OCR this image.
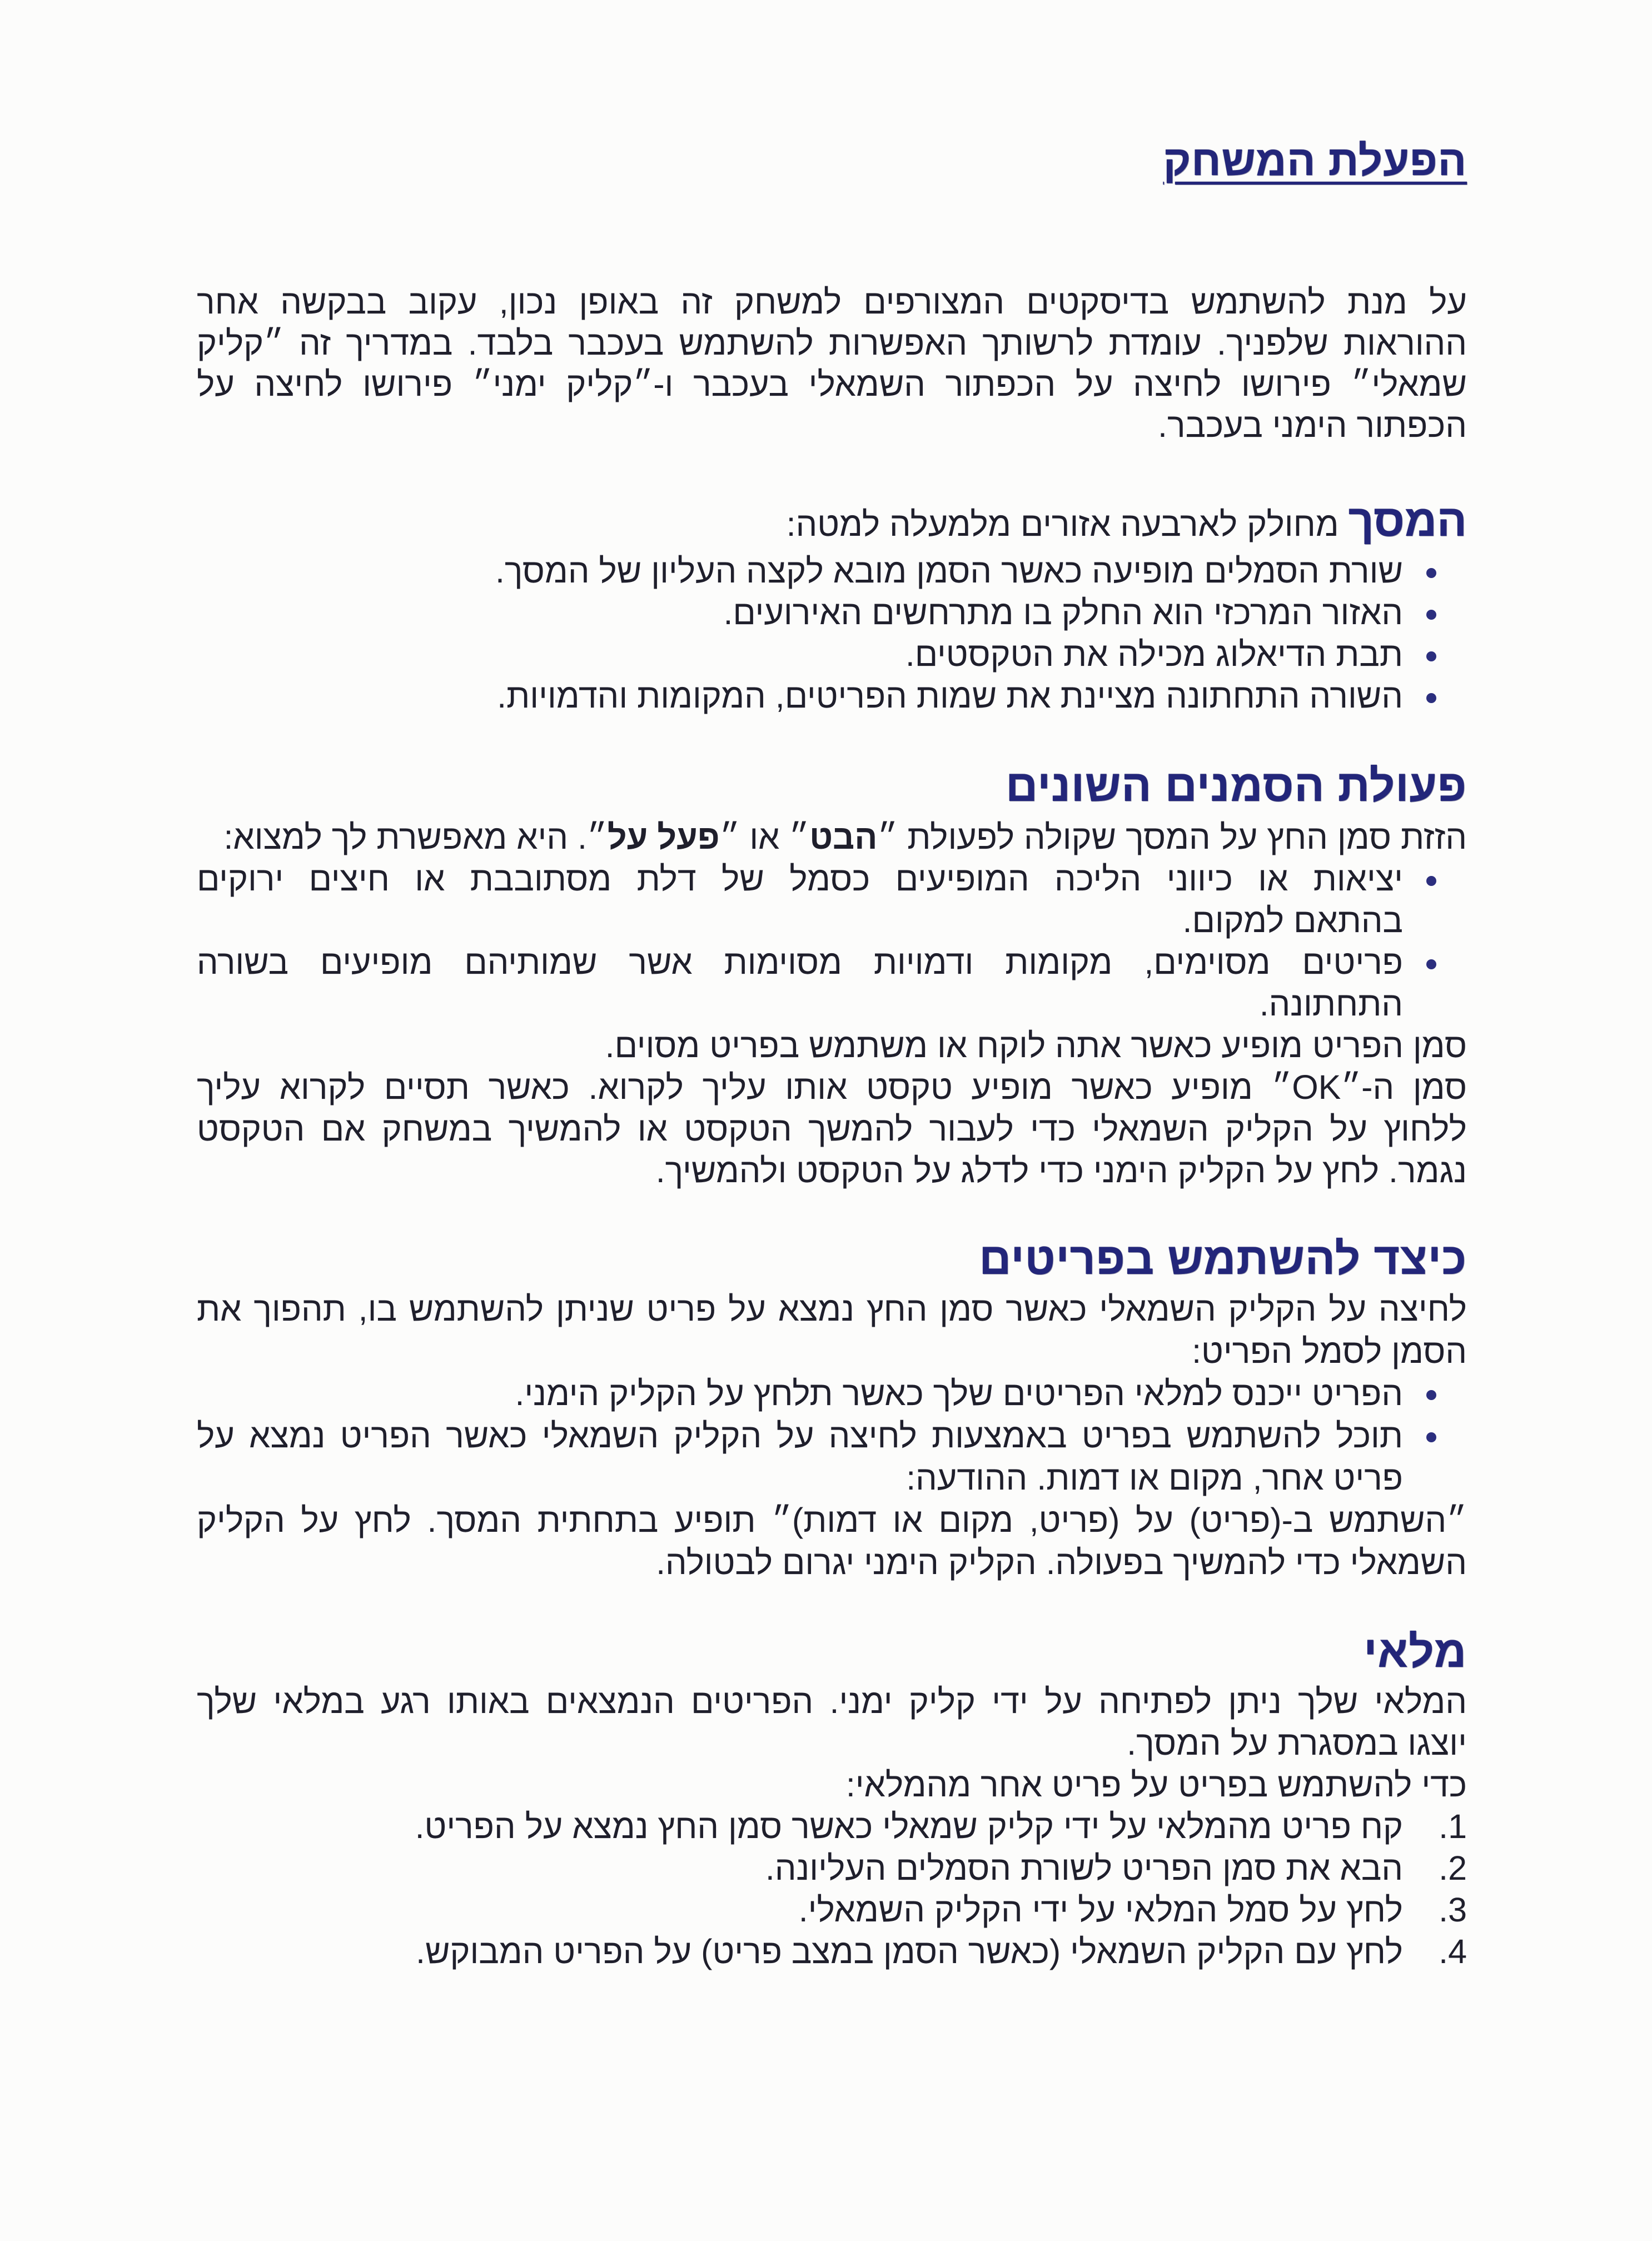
הפעלת המשחק
על מנת להשתמש בדיסקטים המצורפים למשחק זה באופן נכון, עקוב בבקשה אחר
ההוראות שלפניך. עומדת לרשותך האפשרות להשתמש בעכבר בלבד. במדריך זה ״קליק
שמאלי״ פירושו לחיצה על הכפתור השמאלי בעכבר ו-״קליק ימני״ פירושו לחיצה על
הכפתור הימני בעכבר.
המסך מחולק לארבעה אזורים מלמעלה למטה:
שורת הסמלים מופיעה כאשר הסמן מובא לקצה העליון של המסך.
האזור המרכזי הוא החלק בו מתרחשים האירועים.
תבת הדיאלוג מכילה את הטקסטים.
השורה התחתונה מציינת את שמות הפריטים, המקומות והדמויות.
פעולת הסמנים השונים
הזזת סמן החץ על המסך שקולה לפעולת ״הבט״ או ״פעל על״. היא מאפשרת לך למצוא:
יציאות או כיווני הליכה המופיעים כסמל של דלת מסתובבת או חיצים ירוקים
בהתאם למקום.
פריטים מסוימים, מקומות ודמויות מסוימות אשר שמותיהם מופיעים בשורה
התחתונה.
סמן הפריט מופיע כאשר אתה לוקח או משתמש בפריט מסוים.
סמן ה-״OK״ מופיע כאשר מופיע טקסט אותו עליך לקרוא. כאשר תסיים לקרוא עליך
ללחוץ על הקליק השמאלי כדי לעבור להמשך הטקסט או להמשיך במשחק אם הטקסט
נגמר. לחץ על הקליק הימני כדי לדלג על הטקסט ולהמשיך.
כיצד להשתמש בפריטים
לחיצה על הקליק השמאלי כאשר סמן החץ נמצא על פריט שניתן להשתמש בו, תהפוך את
הסמן לסמל הפריט:
הפריט ייכנס למלאי הפריטים שלך כאשר תלחץ על הקליק הימני.
תוכל להשתמש בפריט באמצעות לחיצה על הקליק השמאלי כאשר הפריט נמצא על
פריט אחר, מקום או דמות. ההודעה:
״השתמש ב-(פריט) על (פריט, מקום או דמות)״ תופיע בתחתית המסך. לחץ על הקליק
השמאלי כדי להמשיך בפעולה. הקליק הימני יגרום לבטולה.
מלאי
המלאי שלך ניתן לפתיחה על ידי קליק ימני. הפריטים הנמצאים באותו רגע במלאי שלך
יוצגו במסגרת על המסך.
כדי להשתמש בפריט על פריט אחר מהמלאי:
1.
קח פריט מהמלאי על ידי קליק שמאלי כאשר סמן החץ נמצא על הפריט.
2.
הבא את סמן הפריט לשורת הסמלים העליונה.
3.
לחץ על סמל המלאי על ידי הקליק השמאלי.
4.
לחץ עם הקליק השמאלי (כאשר הסמן במצב פריט) על הפריט המבוקש.
